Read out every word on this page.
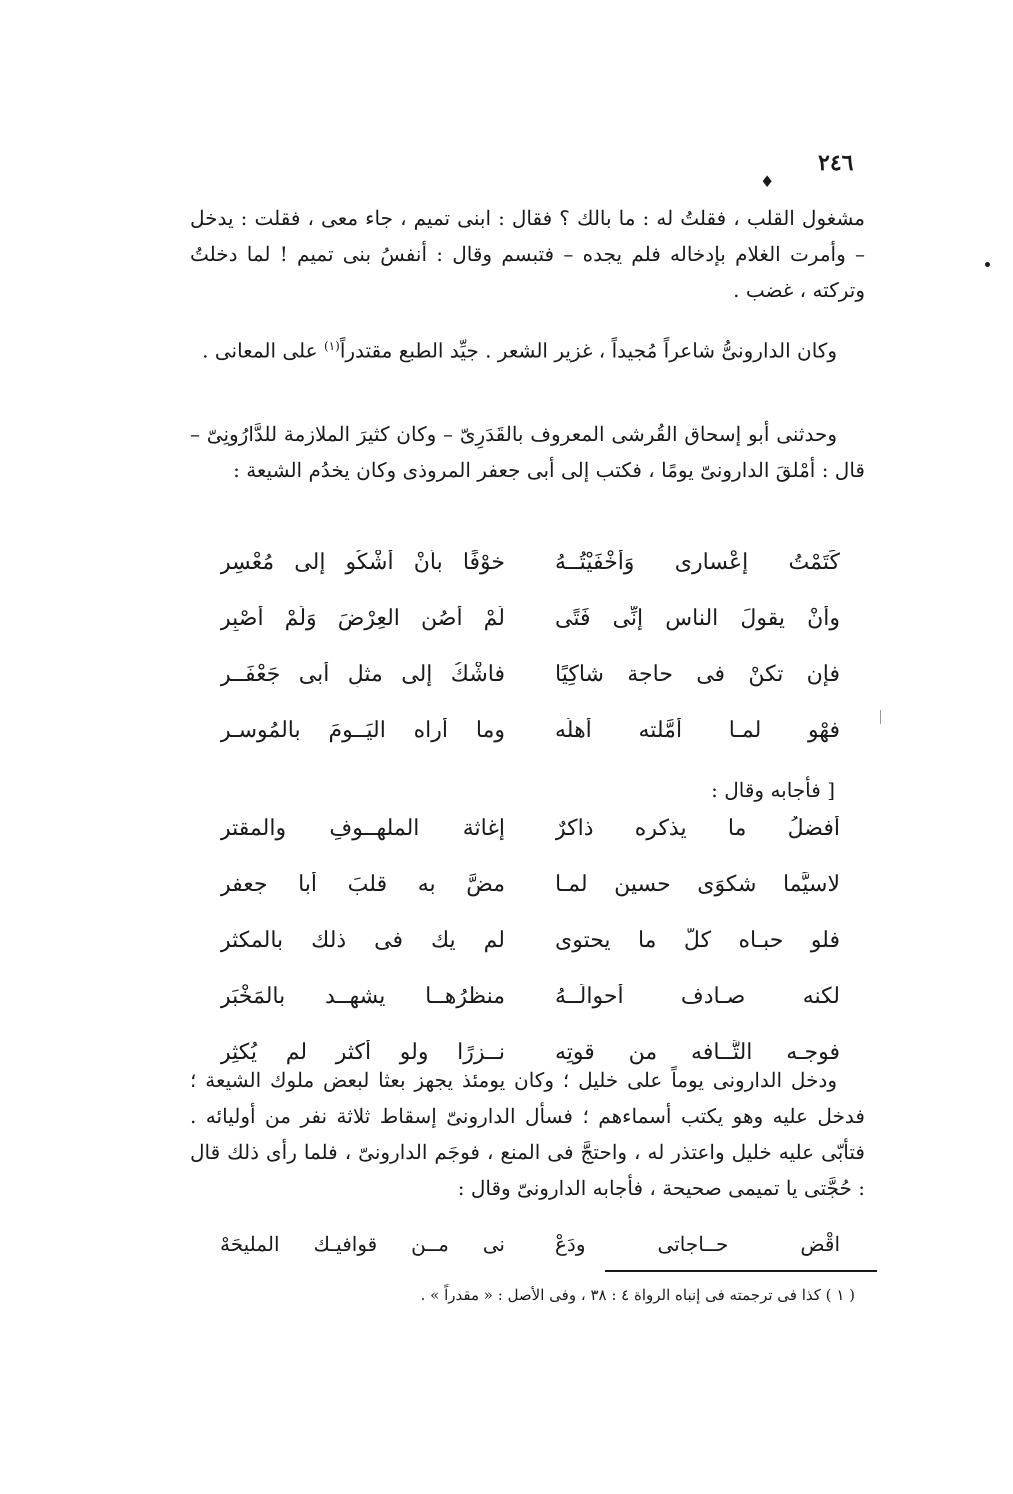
٢٤٦
♦

مشغول القلب ، فقلتُ له : ما بالك ؟ فقال : ابنى تميم ، جاء معى ، فقلت : يدخل – وأمرت الغلام بإدخاله فلم يجده – فتبسم وقال : أنفسُ بنى تميم ! لما دخلتُ وتركته ، غضب .

وكان الدارونىُّ شاعراً مُجيداً ، غزير الشعر . جيِّد الطبع مقتدراً$^{(١)}$ على المعانى .

وحدثنى أبو إسحاق القُرشى المعروف بالقَدَرِىّ – وكان كثيرَ الملازمة للدَّارُونِىّ – قال : أمْلقَ الدارونىّ يومًا ، فكتب إلى أبى جعفر المروذى وكان يخدُم الشيعة :

كَتَمْتُ إعْسارِى وَأَخْفَيْتُــهُ
خوْفًا بأَنْ أشْكُو إلى مُعْسِرِ
وأَنْ يقولَ الناس إنِّى فَتًى
لَمْ أَصُنِ العِرْضَ وَلَمْ أَصْبِرِ
فإن تكنْ فى حاجة شاكِيًا
فاشْكُ إلى مثلِ أَبى جَعْفَــرِ
فهْو لمـا أَمَّلته أَهلُه
وما أَراه اليَــومَ بالمُوسـرِ
[ فأجابه وقال :
أفضلُ ما يذكره ذاكرٌ
إغاثة الملهــوفِ والمقترِ
لاسيَّما شكوَى حسينٍ لمـا
مضَّ به قلبَ أبا جعفرِ
فلو حبـاه كلَّ ما يحتوى
لم يك فى ذلك بالمكثرِ
لكنه صـادف أحوالَــهُ
منظرُهــا يشهــد بالمَخْبَرِ
فوجـه التَّــافه من قوتِه
نــزرًا ولو أكثر لم يُكثِرِ

ودخل الدارونى يوماً على خليل ؛ وكان يومئذ يجهز بعثا لبعض ملوك الشيعة ؛ فدخل عليه وهو يكتب أسماءهم ؛ فسأل الدارونىّ إسقاط ثلاثة نفر من أوليائه . فتأبّى عليه خليل واعتذر له ، واحتجَّ فى المنع ، فوجَم الدارونىّ ، فلما رأى ذلك قال : حُجَّتى يا تميمى صحيحة ، فأجابه الدارونىّ وقال :

اقْضِ حــاجاتى ودَعْ
نى مــن قوافيـك المليحَهْ
( ١ ) كذا فى ترجمته فى إنباه الرواة ٤ : ٣٨ ، وفى الأصل : « مقدراً » .
